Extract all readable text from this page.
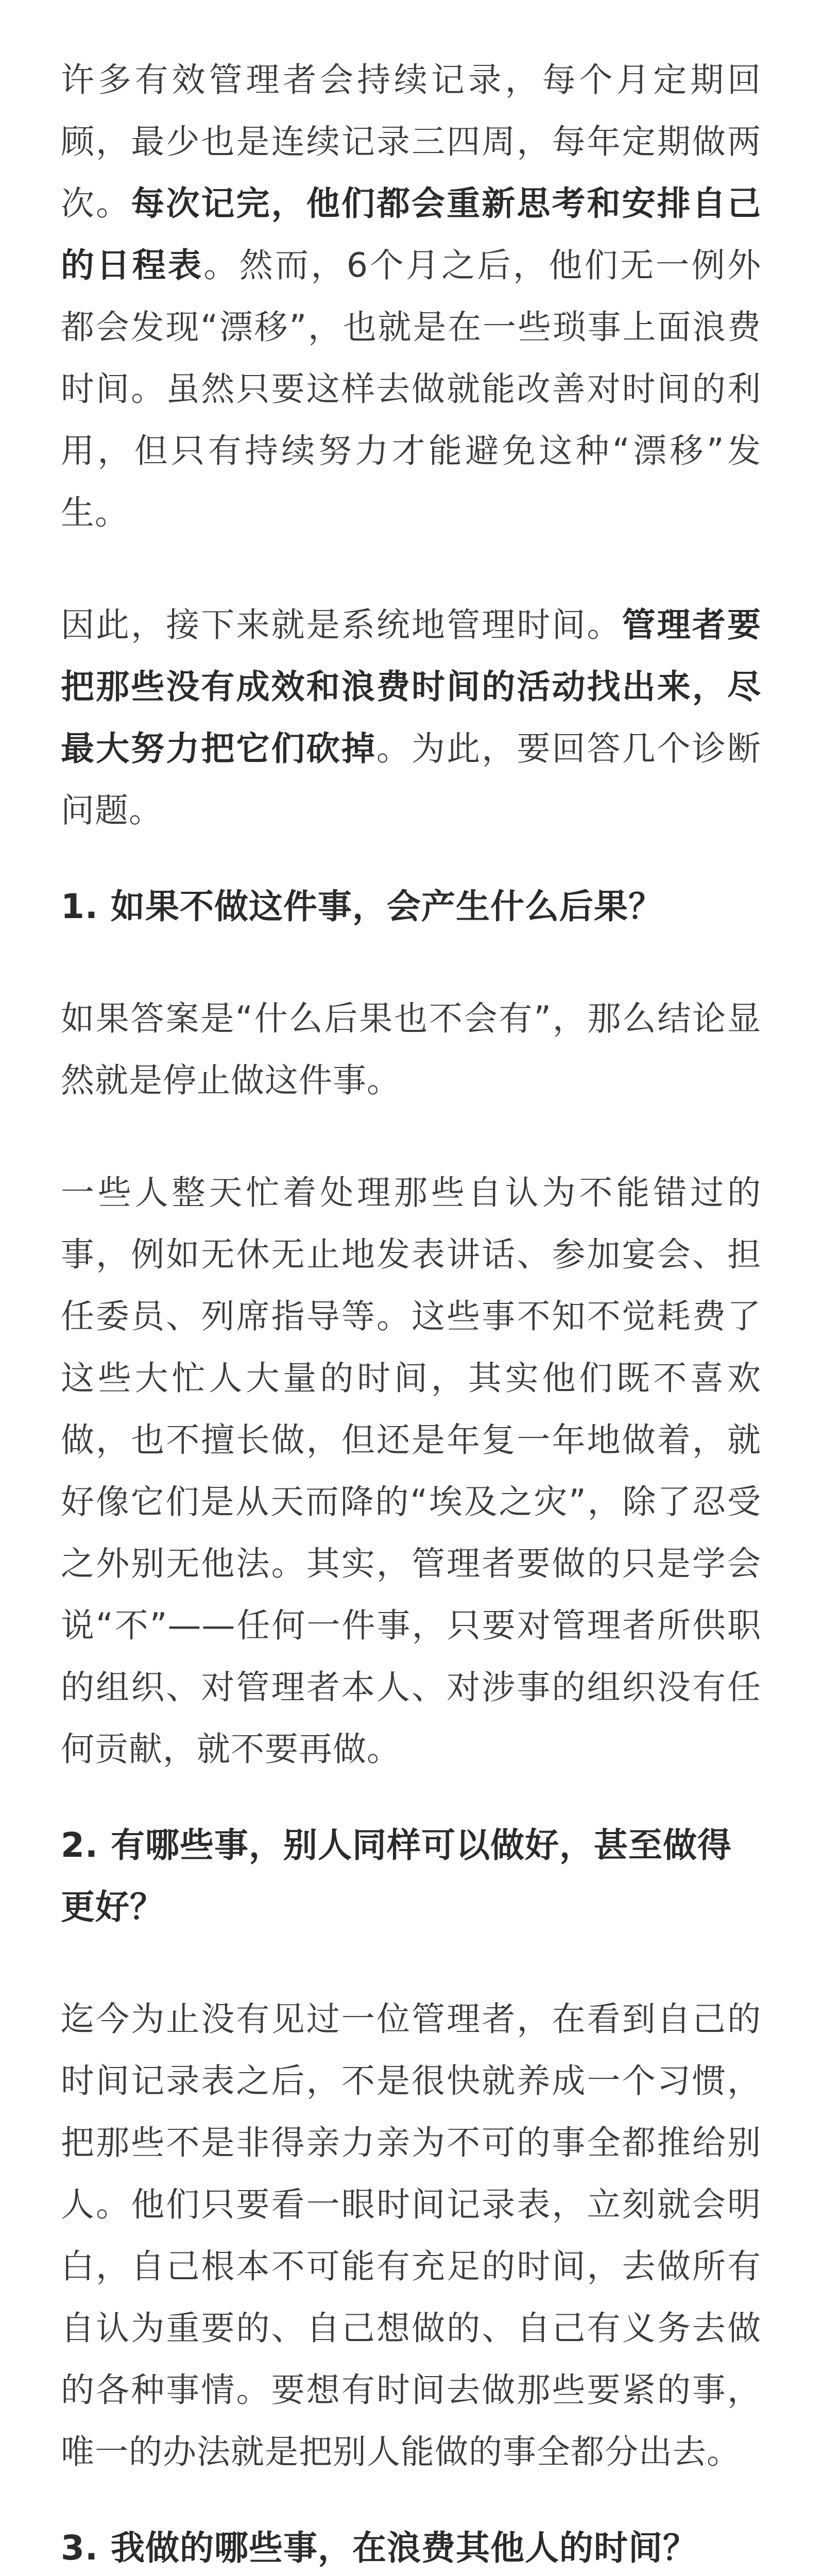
许多有效管理者会持续记录，每个月定期回顾，最少也是连续记录三四周，每年定期做两次。每次记完，他们都会重新思考和安排自己的日程表。然而，6个月之后，他们无一例外都会发现“漂移”，也就是在一些琐事上面浪费时间。虽然只要这样去做就能改善对时间的利用，但只有持续努力才能避免这种“漂移”发生。

因此，接下来就是系统地管理时间。管理者要把那些没有成效和浪费时间的活动找出来，尽最大努力把它们砍掉。为此，要回答几个诊断问题。

1. 如果不做这件事，会产生什么后果？

如果答案是“什么后果也不会有”，那么结论显然就是停止做这件事。

一些人整天忙着处理那些自认为不能错过的事，例如无休无止地发表讲话、参加宴会、担任委员、列席指导等。这些事不知不觉耗费了这些大忙人大量的时间，其实他们既不喜欢做，也不擅长做，但还是年复一年地做着，就好像它们是从天而降的“埃及之灾”，除了忍受之外别无他法。其实，管理者要做的只是学会说“不”——任何一件事，只要对管理者所供职的组织、对管理者本人、对涉事的组织没有任何贡献，就不要再做。

2. 有哪些事，别人同样可以做好，甚至做得更好？

迄今为止没有见过一位管理者，在看到自己的时间记录表之后，不是很快就养成一个习惯，把那些不是非得亲力亲为不可的事全都推给别人。他们只要看一眼时间记录表，立刻就会明白，自己根本不可能有充足的时间，去做所有自认为重要的、自己想做的、自己有义务去做的各种事情。要想有时间去做那些要紧的事，唯一的办法就是把别人能做的事全都分出去。

3. 我做的哪些事，在浪费其他人的时间？
